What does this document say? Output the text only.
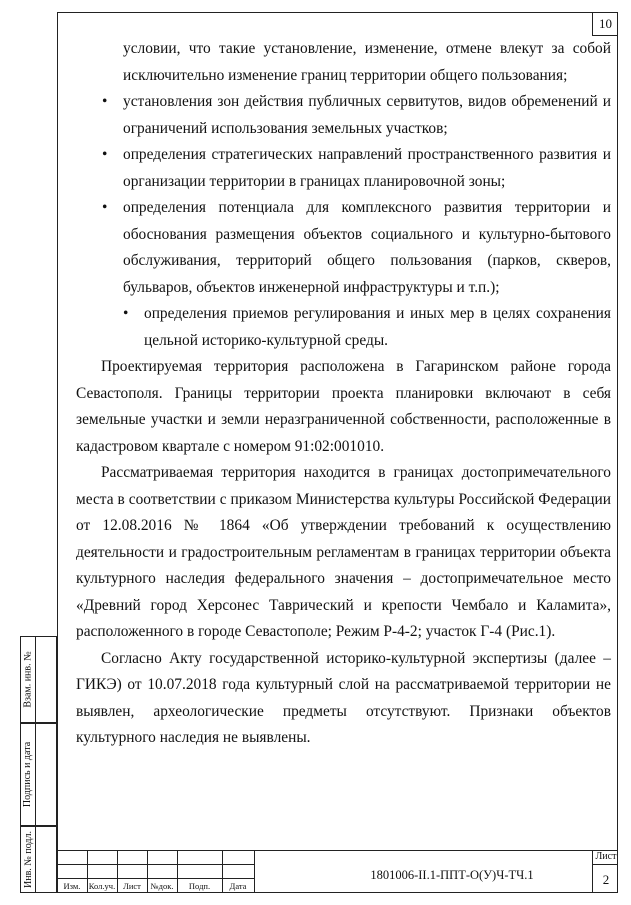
10
условии, что такие установление, изменение, отмене влекут за собой исключительно изменение границ территории общего пользования;
• установления зон действия публичных сервитутов, видов обременений и ограничений использования земельных участков;
• определения стратегических направлений пространственного развития и организации территории в границах планировочной зоны;
• определения потенциала для комплексного развития территории и обоснования размещения объектов социального и культурно-бытового обслуживания, территорий общего пользования (парков, скверов, бульваров, объектов инженерной инфраструктуры и т.п.);
• определения приемов регулирования и иных мер в целях сохранения цельной историко-культурной среды.

Проектируемая территория расположена в Гагаринском районе города Севастополя. Границы территории проекта планировки включают в себя земельные участки и земли неразграниченной собственности, расположенные в кадастровом квартале с номером 91:02:001010.

Рассматриваемая территория находится в границах достопримечательного места в соответствии с приказом Министерства культуры Российской Федерации от 12.08.2016 № 1864 «Об утверждении требований к осуществлению деятельности и градостроительным регламентам в границах территории объекта культурного наследия федерального значения – достопримечательное место «Древний город Херсонес Таврический и крепости Чембало и Каламита», расположенного в городе Севастополе; Режим Р-4-2; участок Г-4 (Рис.1).

Согласно Акту государственной историко-культурной экспертизы (далее – ГИКЭ) от 10.07.2018 года культурный слой на рассматриваемой территории не выявлен, археологические предметы отсутствуют. Признаки объектов культурного наследия не выявлены.

Взам. инв. №
Подпись и дата
Инв. № подл.	Изм. Кол.уч. Лист	№док.	Подп.	Дата
1801006-II.1-ППТ-О(У)Ч-ТЧ.1
Лист
2
